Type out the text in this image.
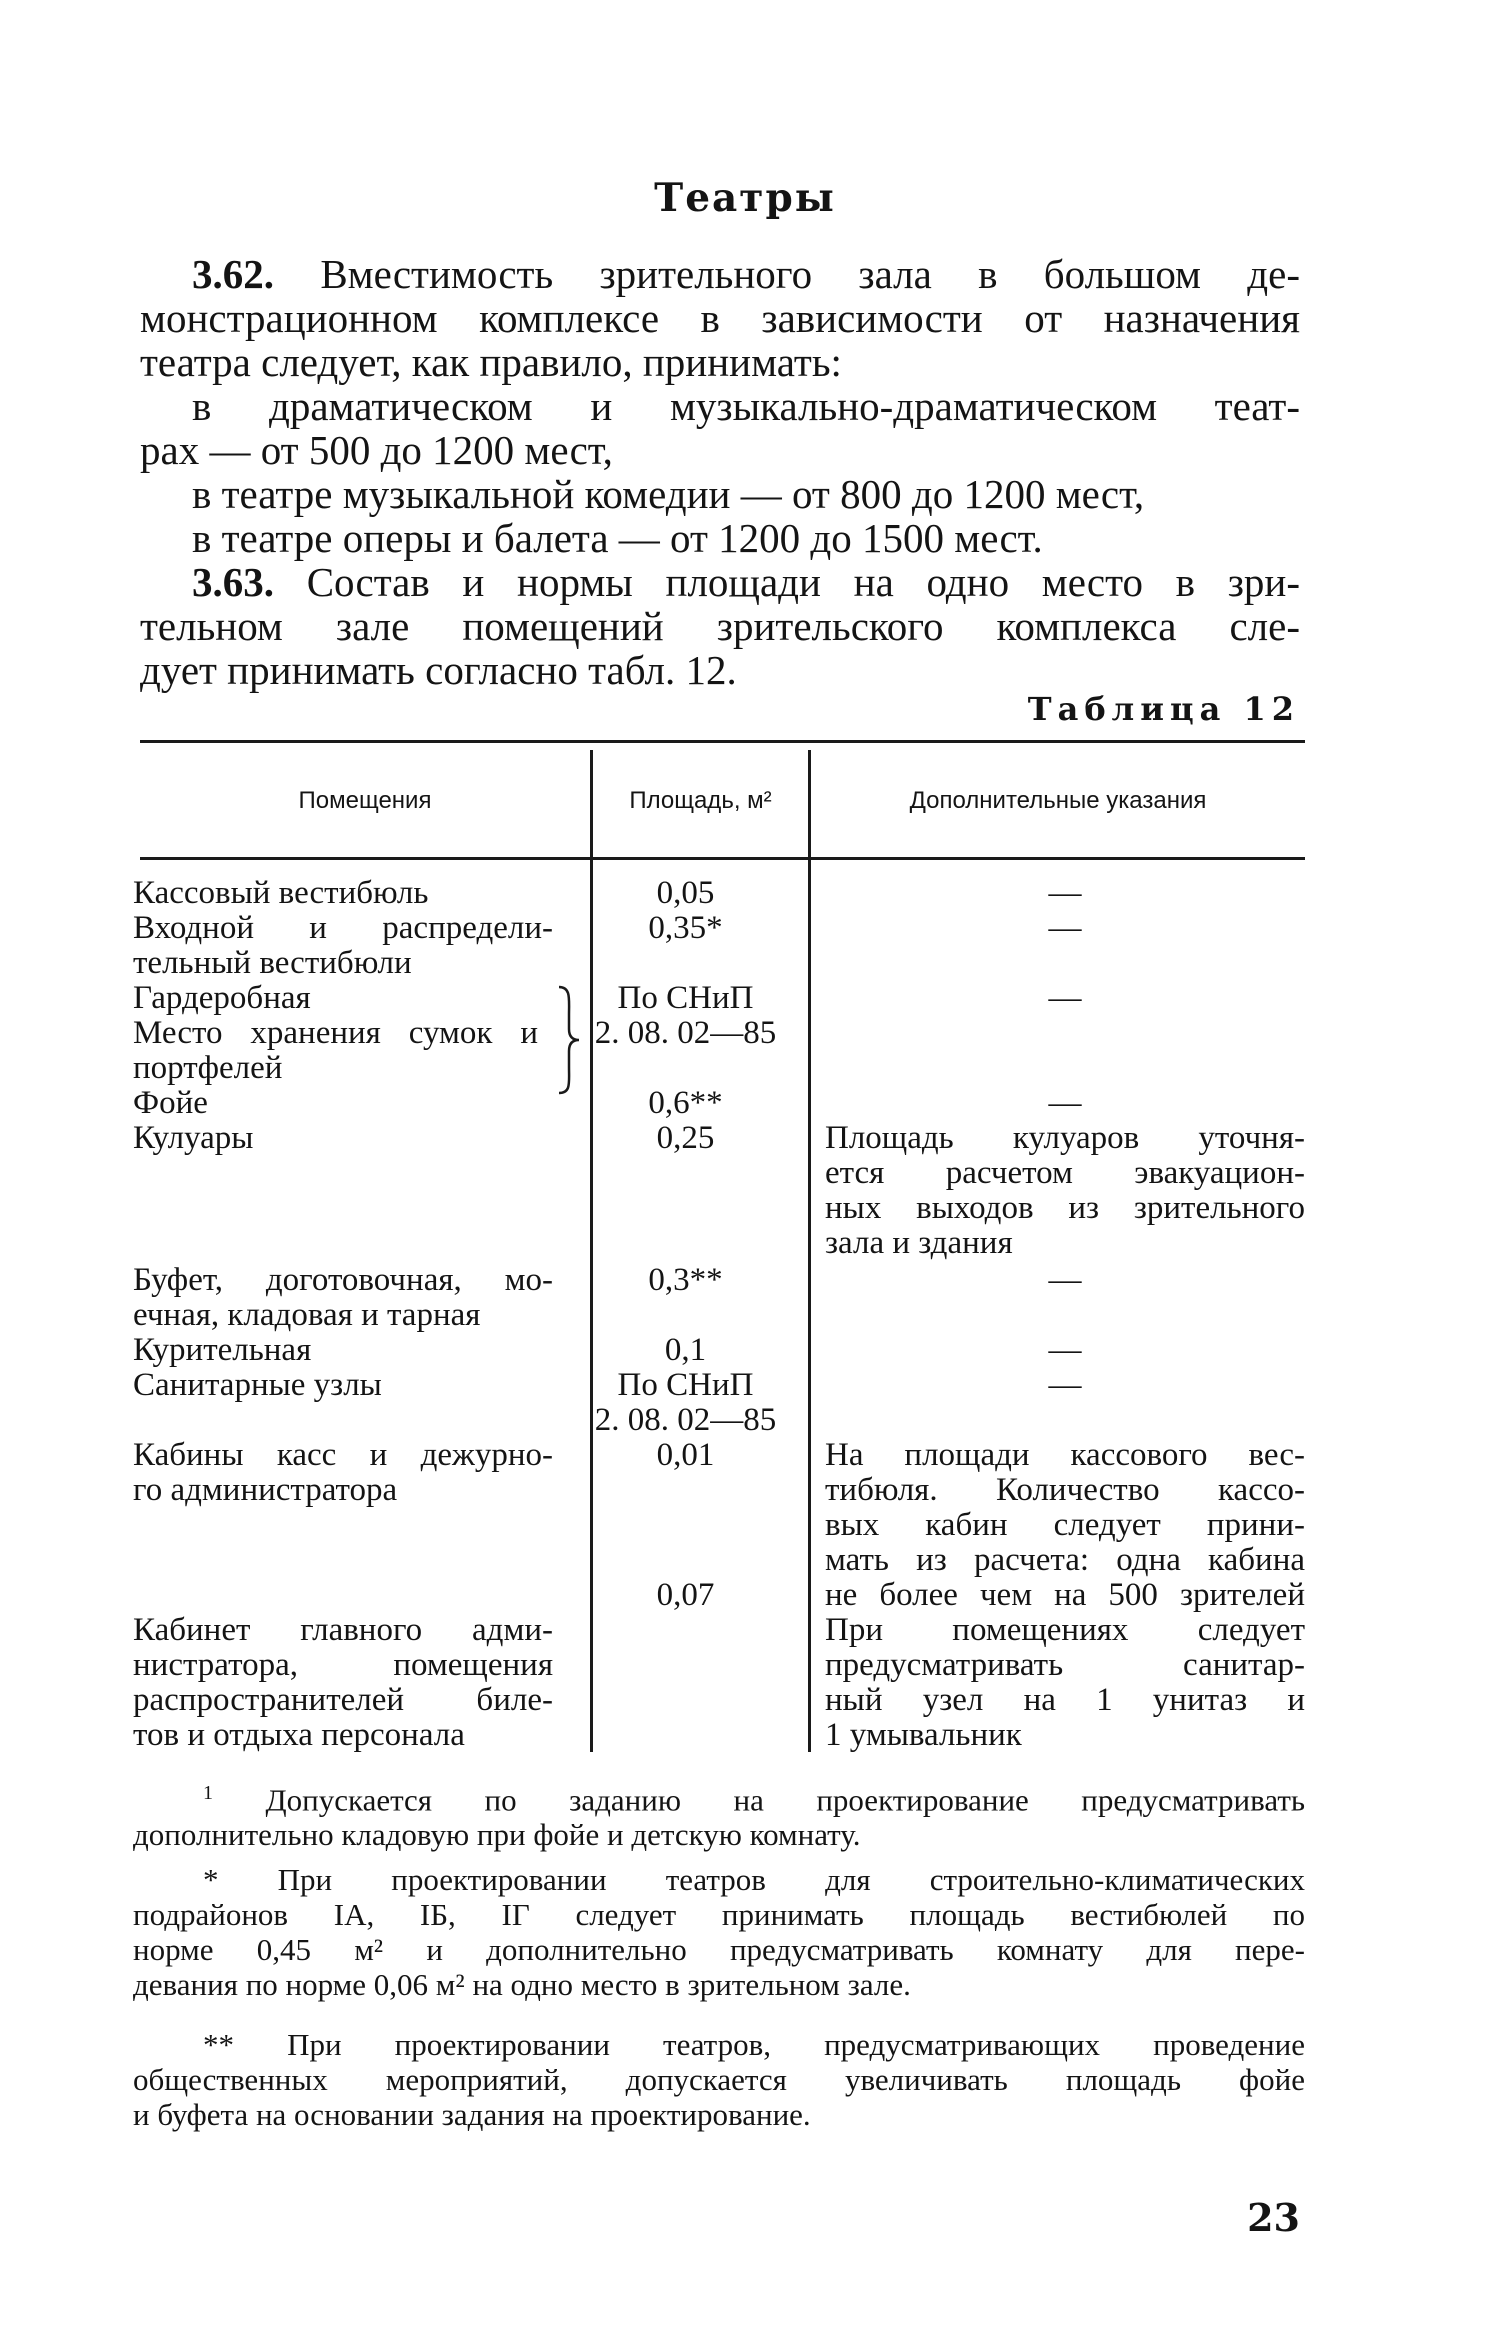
Театры
3.62. Вместимость зрительного зала в большом де-
монстрационном комплексе в зависимости от назначения
театра следует, как правило, принимать:
в драматическом и музыкально-драматическом теат-
рах — от 500 до 1200 мест,
в театре музыкальной комедии — от 800 до 1200 мест,
в театре оперы и балета — от 1200 до 1500 мест.
3.63. Состав и нормы площади на одно место в зри-
тельном зале помещений зрительского комплекса сле-
дует принимать согласно табл. 12.
Таблица 12
Помещения	Площадь, м²	Дополнительные указания
Кассовый вестибюль
Входной и распредели-
тельный вестибюли
Гардеробная
Место хранения сумок и
портфелей
Фойе
Кулуары
Буфет, доготовочная, мо-
ечная, кладовая и тарная
Курительная
Санитарные узлы
Кабины касс и дежурно-
го администратора
Кабинет главного адми-
нистратора, помещения
распространителей биле-
тов и отдыха персонала
0,05
0,35*
По СНиП
2. 08. 02—85
0,6**
0,25
0,3**
0,1
По СНиП
2. 08. 02—85
0,01
0,07
—
—
—
—
—
—
—
Площадь кулуаров уточня-
ется расчетом эвакуацион-
ных выходов из зрительного
зала и здания
На площади кассового вес-
тибюля. Количество кассо-
вых кабин следует прини-
мать из расчета: одна кабина
не более чем на 500 зрителей
При помещениях следует
предусматривать санитар-
ный узел на 1 унитаз и
1 умывальник
$^1$ Допускается по заданию на проектирование предусматривать
дополнительно кладовую при фойе и детскую комнату.
* При проектировании театров для строительно-климатических
подрайонов IА, IБ, IГ следует принимать площадь вестибюлей по
норме 0,45 м² и дополнительно предусматривать комнату для пере-
девания по норме 0,06 м² на одно место в зрительном зале.
** При проектировании театров, предусматривающих проведение
общественных мероприятий, допускается увеличивать площадь фойе
и буфета на основании задания на проектирование.
23
